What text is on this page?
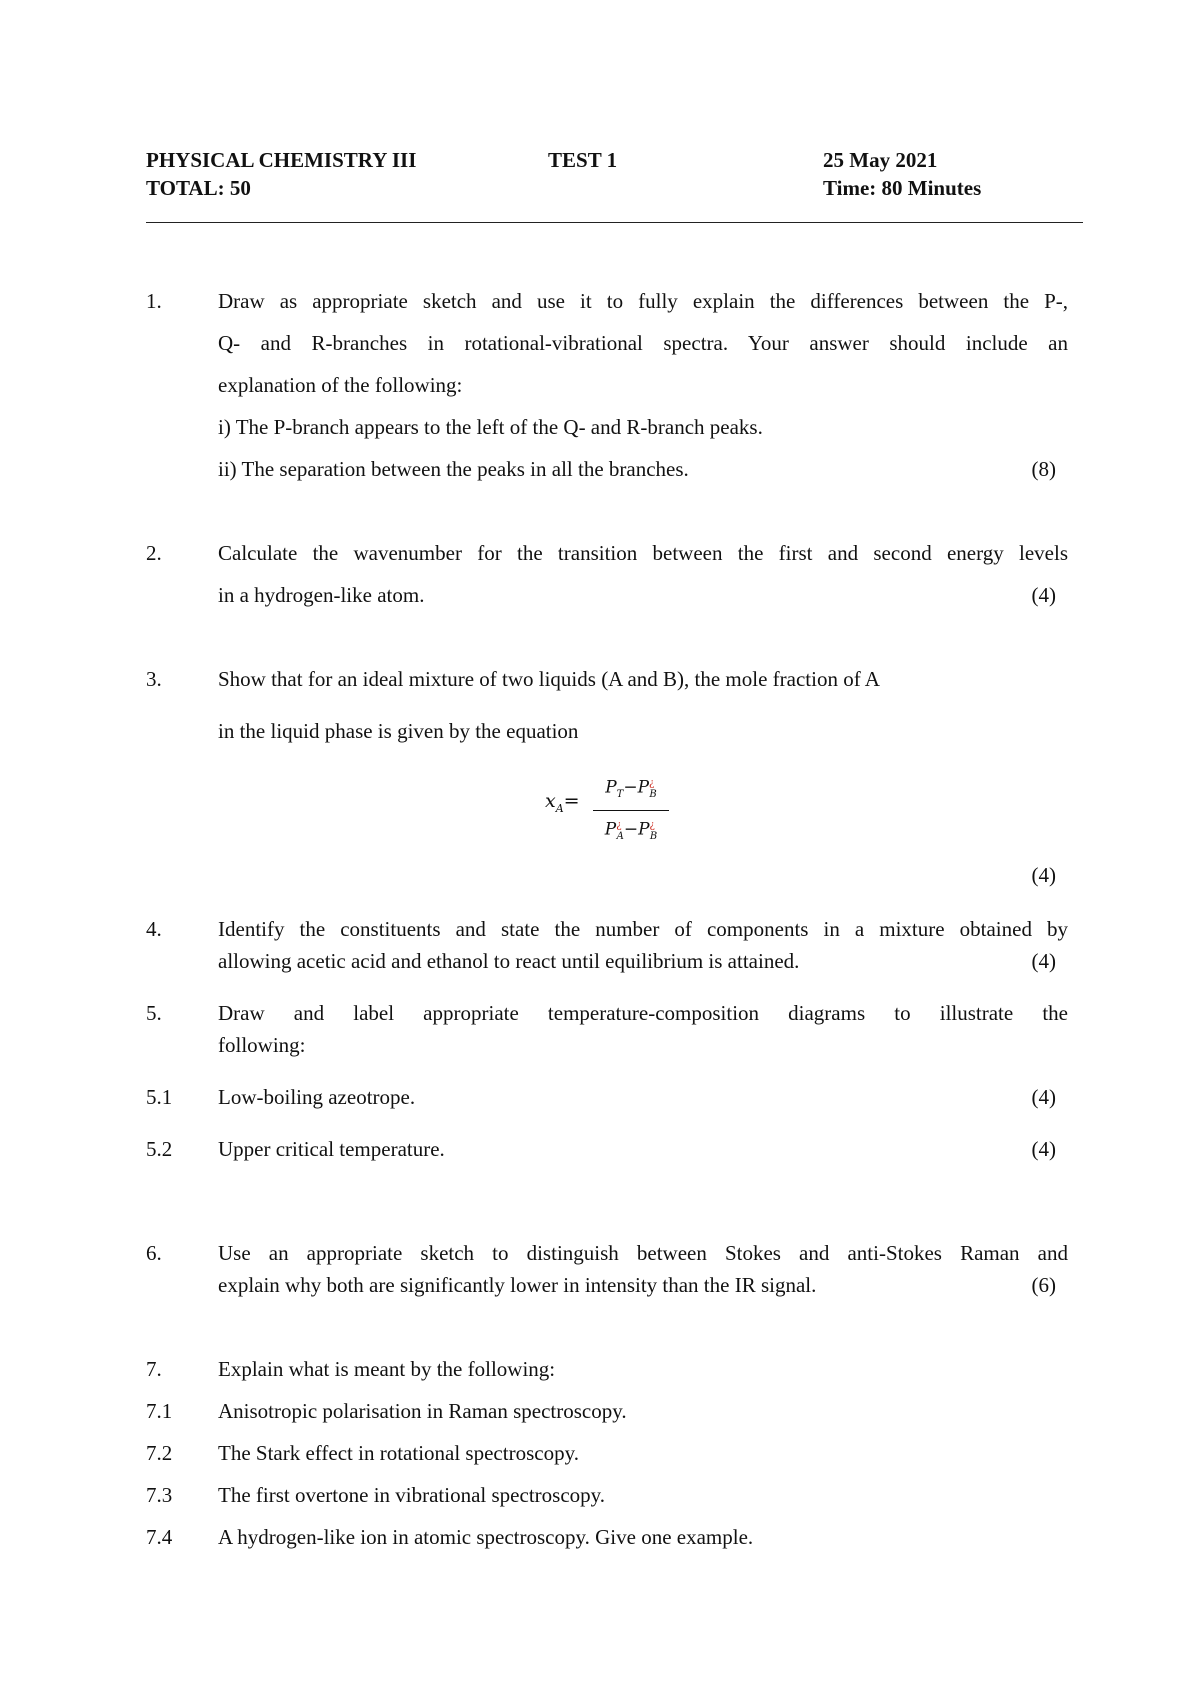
PHYSICAL CHEMISTRY III	TEST 1	25 May 2021
TOTAL: 50	Time: 80 Minutes
1.	Draw as appropriate sketch and use it to fully explain the differences between the P-,
Q- and R-branches in rotational-vibrational spectra. Your answer should include an
explanation of the following:
i) The P-branch appears to the left of the Q- and R-branch peaks.
ii) The separation between the peaks in all the branches.	(8)
2.	Calculate the wavenumber for the transition between the first and second energy levels
in a hydrogen-like atom.	(4)
3.	Show that for an ideal mixture of two liquids (A and B), the mole fraction of A
in the liquid phase is given by the equation
$x_A=$
$P_T-P^¿_B$
$P^¿_A-P^¿_B$
(4)
4.	Identify the constituents and state the number of components in a mixture obtained by
allowing acetic acid and ethanol to react until equilibrium is attained.	(4)
5.	Draw and label appropriate temperature-composition diagrams to illustrate the
following:
5.1 Low-boiling azeotrope.	(4)
5.2 Upper critical temperature.	(4)
6.	Use an appropriate sketch to distinguish between Stokes and anti-Stokes Raman and
explain why both are significantly lower in intensity than the IR signal.	(6)
7.	Explain what is meant by the following:
7.1 Anisotropic polarisation in Raman spectroscopy.
7.2 The Stark effect in rotational spectroscopy.
7.3 The first overtone in vibrational spectroscopy.
7.4 A hydrogen-like ion in atomic spectroscopy. Give one example.
